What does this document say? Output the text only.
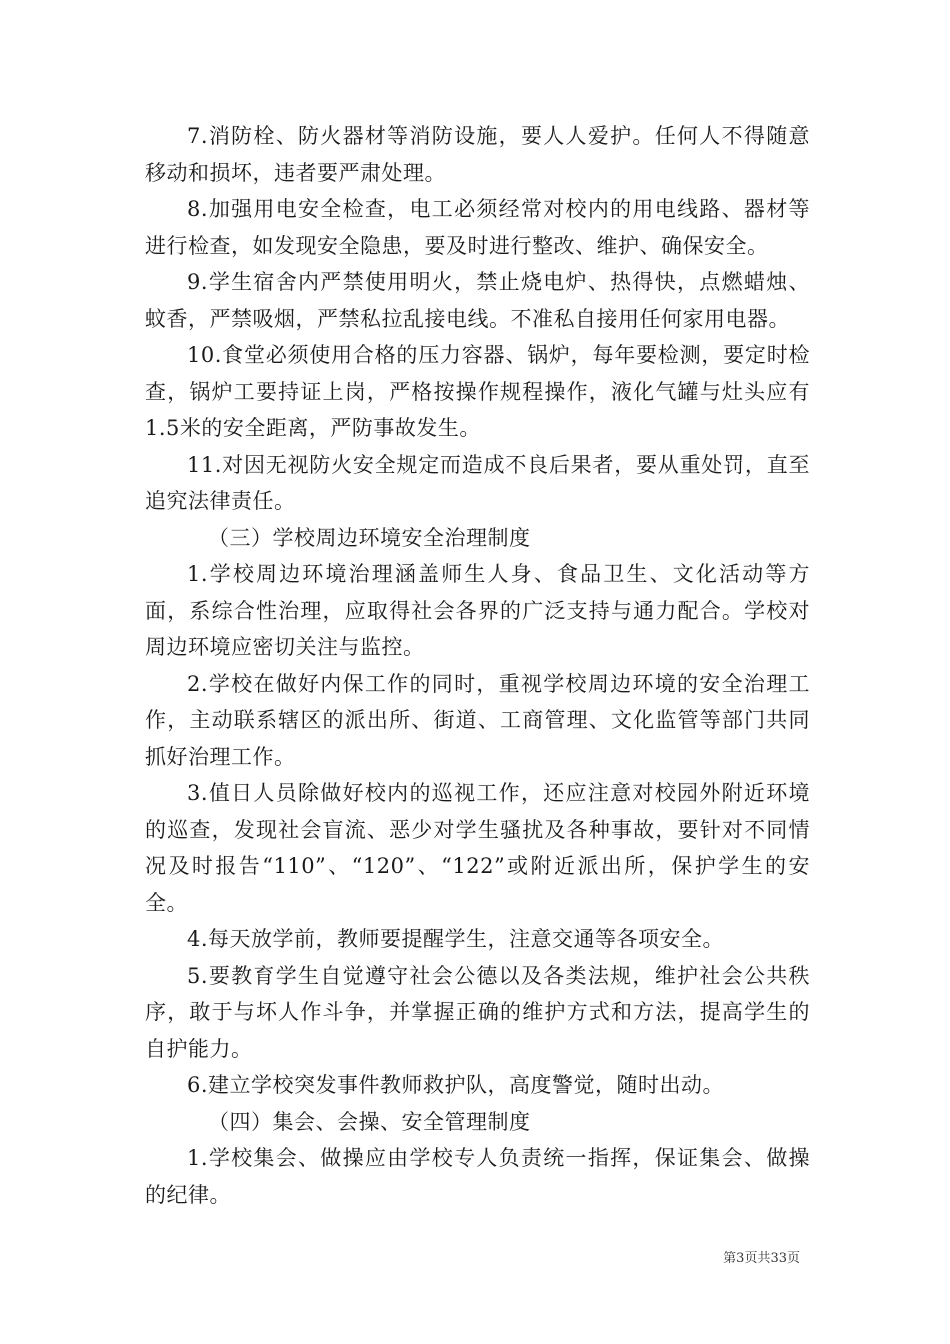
7.消防栓、防火器材等消防设施，要人人爱护。任何人不得随意移动和损坏，违者要严肃处理。

8.加强用电安全检查，电工必须经常对校内的用电线路、器材等进行检查，如发现安全隐患，要及时进行整改、维护、确保安全。

9.学生宿舍内严禁使用明火，禁止烧电炉、热得快，点燃蜡烛、蚊香，严禁吸烟，严禁私拉乱接电线。不准私自接用任何家用电器。

10.食堂必须使用合格的压力容器、锅炉，每年要检测，要定时检查，锅炉工要持证上岗，严格按操作规程操作，液化气罐与灶头应有1.5米的安全距离，严防事故发生。

11.对因无视防火安全规定而造成不良后果者，要从重处罚，直至追究法律责任。

（三）学校周边环境安全治理制度

1.学校周边环境治理涵盖师生人身、食品卫生、文化活动等方面，系综合性治理，应取得社会各界的广泛支持与通力配合。学校对周边环境应密切关注与监控。

2.学校在做好内保工作的同时，重视学校周边环境的安全治理工作，主动联系辖区的派出所、街道、工商管理、文化监管等部门共同抓好治理工作。

3.值日人员除做好校内的巡视工作，还应注意对校园外附近环境的巡查，发现社会盲流、恶少对学生骚扰及各种事故，要针对不同情况及时报告“110”、“120”、“122”或附近派出所，保护学生的安全。

4.每天放学前，教师要提醒学生，注意交通等各项安全。

5.要教育学生自觉遵守社会公德以及各类法规，维护社会公共秩序，敢于与坏人作斗争，并掌握正确的维护方式和方法，提高学生的自护能力。

6.建立学校突发事件教师救护队，高度警觉，随时出动。

（四）集会、会操、安全管理制度

1.学校集会、做操应由学校专人负责统一指挥，保证集会、做操的纪律。

第3页共33页
